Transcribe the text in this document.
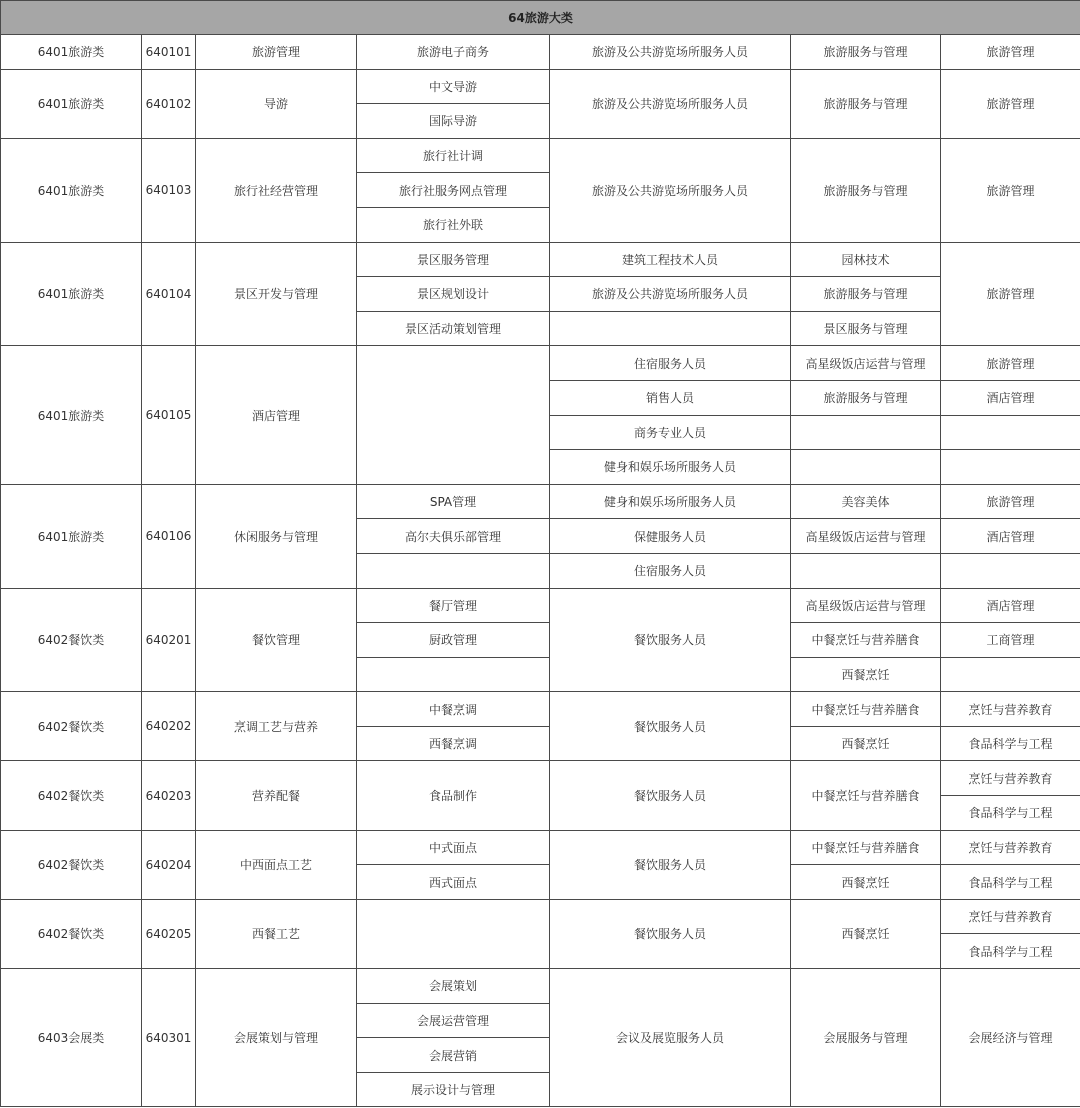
64旅游大类						
6401旅游类	640101	旅游管理	旅游电子商务	旅游及公共游览场所服务人员	旅游服务与管理	旅游管理
6401旅游类	640102	导游	中文导游	旅游及公共游览场所服务人员	旅游服务与管理	旅游管理
			国际导游			
6401旅游类	640103	旅行社经营管理	旅行社计调	旅游及公共游览场所服务人员	旅游服务与管理	旅游管理
			旅行社服务网点管理			
			旅行社外联			
6401旅游类	640104	景区开发与管理	景区服务管理	建筑工程技术人员	园林技术	旅游管理
			景区规划设计	旅游及公共游览场所服务人员	旅游服务与管理	
			景区活动策划管理		景区服务与管理	
6401旅游类	640105	酒店管理		住宿服务人员	高星级饭店运营与管理	旅游管理
				销售人员	旅游服务与管理	酒店管理
				商务专业人员		
				健身和娱乐场所服务人员		
6401旅游类	640106	休闲服务与管理	SPA管理	健身和娱乐场所服务人员	美容美体	旅游管理
			高尔夫俱乐部管理	保健服务人员	高星级饭店运营与管理	酒店管理
				住宿服务人员		
6402餐饮类	640201	餐饮管理	餐厅管理	餐饮服务人员	高星级饭店运营与管理	酒店管理
			厨政管理		中餐烹饪与营养膳食	工商管理
					西餐烹饪	
6402餐饮类	640202	烹调工艺与营养	中餐烹调	餐饮服务人员	中餐烹饪与营养膳食	烹饪与营养教育
			西餐烹调		西餐烹饪	食品科学与工程
6402餐饮类	640203	营养配餐	食品制作	餐饮服务人员	中餐烹饪与营养膳食	烹饪与营养教育
						食品科学与工程
6402餐饮类	640204	中西面点工艺	中式面点	餐饮服务人员	中餐烹饪与营养膳食	烹饪与营养教育
			西式面点		西餐烹饪	食品科学与工程
6402餐饮类	640205	西餐工艺		餐饮服务人员	西餐烹饪	烹饪与营养教育
						食品科学与工程
6403会展类	640301	会展策划与管理	会展策划	会议及展览服务人员	会展服务与管理	会展经济与管理
			会展运营管理			
			会展营销			
			展示设计与管理			
